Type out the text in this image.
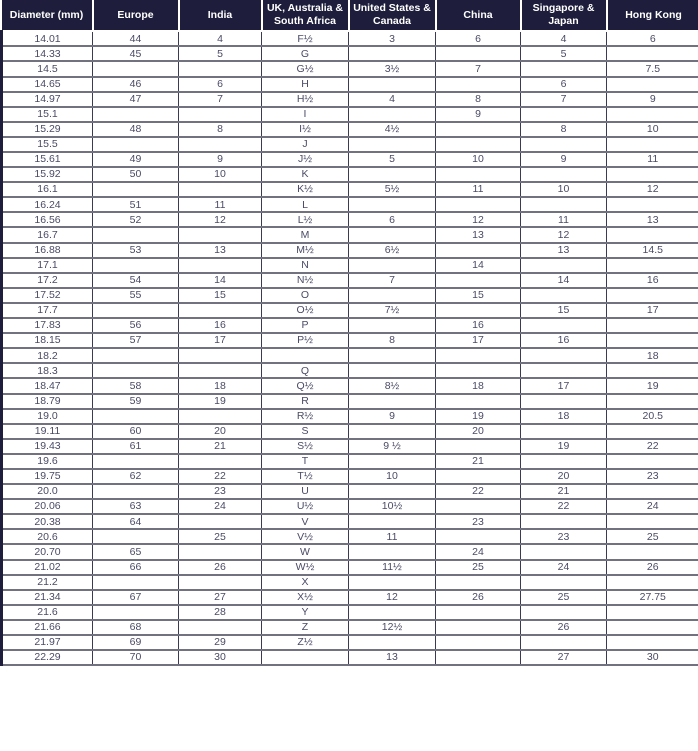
Diameter (mm)	Europe	India	UK, Australia & South Africa	United States & Canada	China	Singapore & Japan	Hong Kong
14.01	44	4	F½	3	6	4	6
14.33	45	5	G			5	
14.5			G½	3½	7		7.5
14.65	46	6	H			6	
14.97	47	7	H½	4	8	7	9
15.1			I		9		
15.29	48	8	I½	4½		8	10
15.5			J				
15.61	49	9	J½	5	10	9	11
15.92	50	10	K				
16.1			K½	5½	11	10	12
16.24	51	11	L				
16.56	52	12	L½	6	12	11	13
16.7			M		13	12	
16.88	53	13	M½	6½		13	14.5
17.1			N		14		
17.2	54	14	N½	7		14	16
17.52	55	15	O		15		
17.7			O½	7½		15	17
17.83	56	16	P		16		
18.15	57	17	P½	8	17	16	
18.2							18
18.3			Q				
18.47	58	18	Q½	8½	18	17	19
18.79	59	19	R				
19.0			R½	9	19	18	20.5
19.11	60	20	S		20		
19.43	61	21	S½	9 ½		19	22
19.6			T		21		
19.75	62	22	T½	10		20	23
20.0		23	U		22	21	
20.06	63	24	U½	10½		22	24
20.38	64		V		23		
20.6		25	V½	11		23	25
20.70	65		W		24		
21.02	66	26	W½	11½	25	24	26
21.2			X				
21.34	67	27	X½	12	26	25	27.75
21.6		28	Y				
21.66	68		Z	12½		26	
21.97	69	29	Z½				
22.29	70	30		13		27	30
